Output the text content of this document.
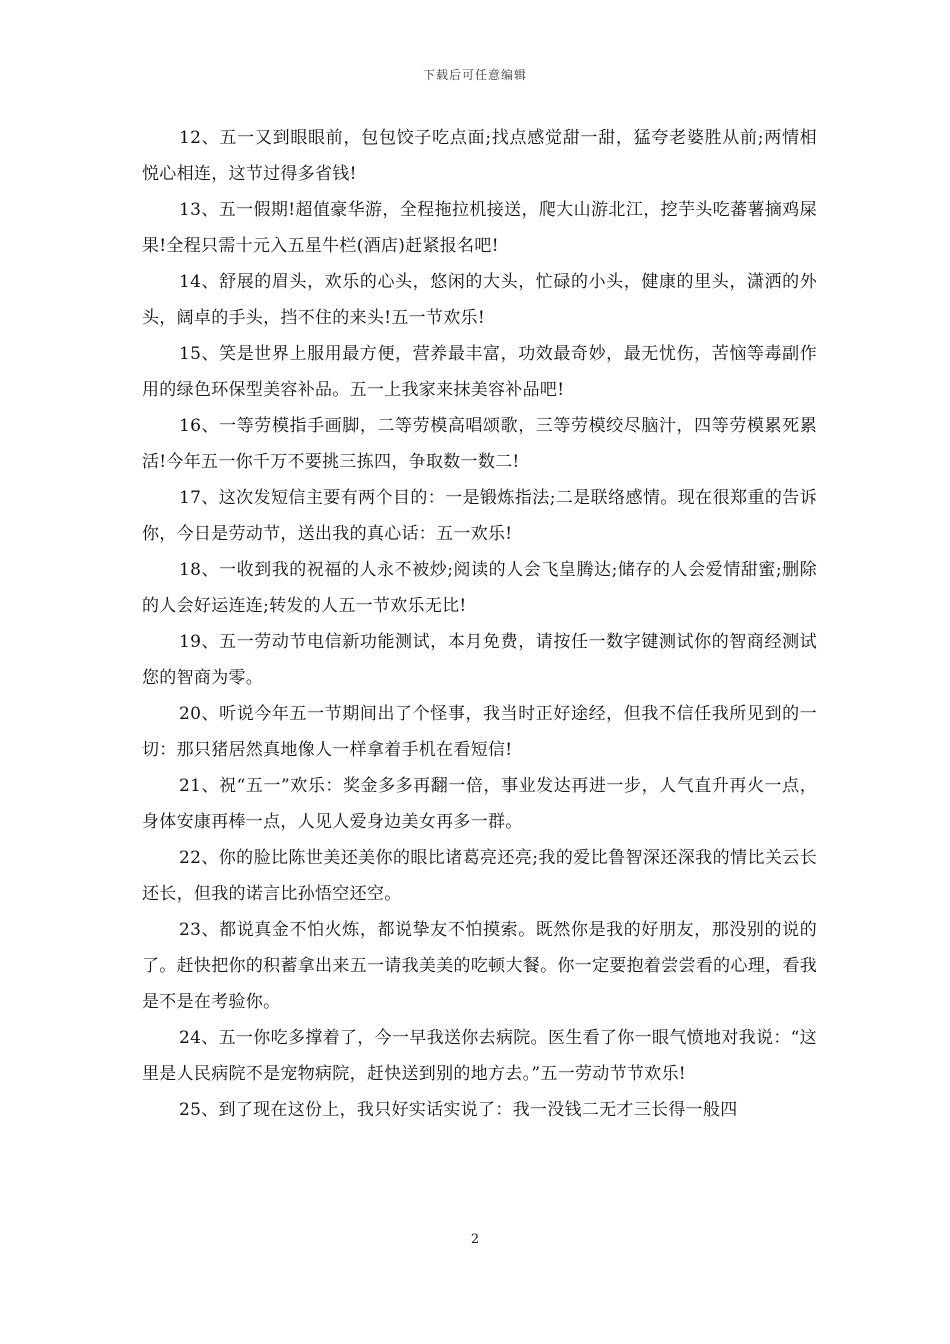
下载后可任意编辑

12、五一又到眼眼前，包包饺子吃点面;找点感觉甜一甜，猛夸老婆胜从前;两情相悦心相连，这节过得多省钱!

13、五一假期!超值豪华游，全程拖拉机接送，爬大山游北江，挖芋头吃蕃薯摘鸡屎果!全程只需十元入五星牛栏(酒店)赶紧报名吧!

14、舒展的眉头，欢乐的心头，悠闲的大头，忙碌的小头，健康的里头，潇洒的外头，阔卓的手头，挡不住的来头!五一节欢乐!

15、笑是世界上服用最方便，营养最丰富，功效最奇妙，最无忧伤，苦恼等毒副作用的绿色环保型美容补品。五一上我家来抹美容补品吧!

16、一等劳模指手画脚，二等劳模高唱颂歌，三等劳模绞尽脑汁，四等劳模累死累活!今年五一你千万不要挑三拣四，争取数一数二!

17、这次发短信主要有两个目的：一是锻炼指法;二是联络感情。现在很郑重的告诉你，今日是劳动节，送出我的真心话：五一欢乐!

18、一收到我的祝福的人永不被炒;阅读的人会飞皇腾达;储存的人会爱情甜蜜;删除的人会好运连连;转发的人五一节欢乐无比!

19、五一劳动节电信新功能测试，本月免费，请按任一数字键测试你的智商经测试您的智商为零。

20、听说今年五一节期间出了个怪事，我当时正好途经，但我不信任我所见到的一切：那只猪居然真地像人一样拿着手机在看短信!

21、祝“五一”欢乐：奖金多多再翻一倍，事业发达再进一步，人气直升再火一点，身体安康再棒一点，人见人爱身边美女再多一群。

22、你的脸比陈世美还美你的眼比诸葛亮还亮;我的爱比鲁智深还深我的情比关云长还长，但我的诺言比孙悟空还空。

23、都说真金不怕火炼，都说挚友不怕摸索。既然你是我的好朋友，那没别的说的了。赶快把你的积蓄拿出来五一请我美美的吃顿大餐。你一定要抱着尝尝看的心理，看我是不是在考验你。

24、五一你吃多撑着了，今一早我送你去病院。医生看了你一眼气愤地对我说：“这里是人民病院不是宠物病院，赶快送到别的地方去。”五一劳动节节欢乐!

25、到了现在这份上，我只好实话实说了：我一没钱二无才三长得一般四

2
